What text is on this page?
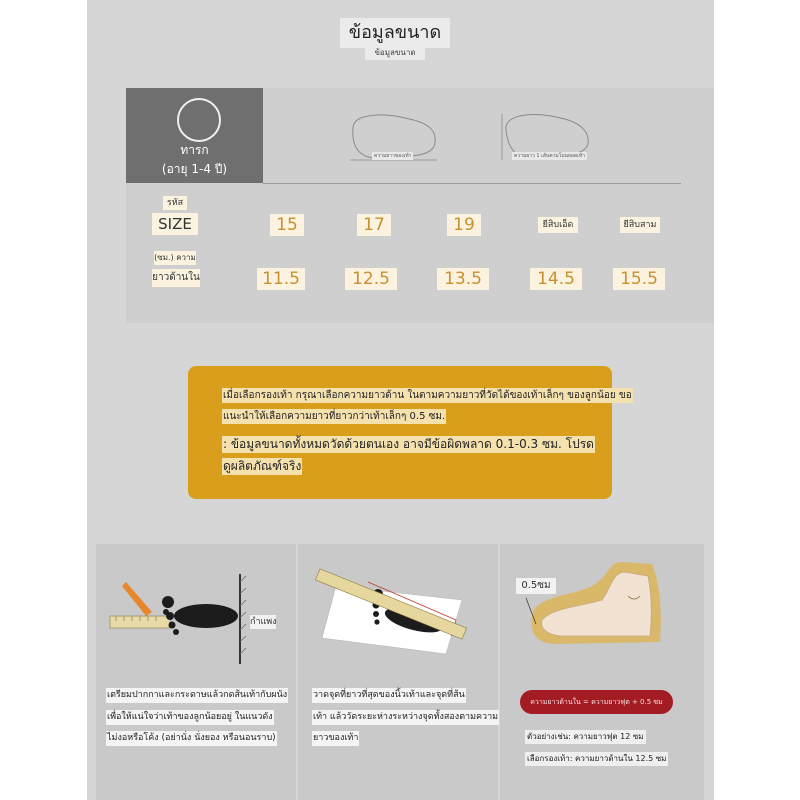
ข้อมูลขนาด
ข้อมูลขนาด
ทารก
(อายุ 1-4 ปี)
ความยาวของเท้า	ความยาว 1 เส้นตามโบนยอดเท้า
รหัส
SIZE	15	17	19	ยีสิบเอ็ด	ยีสิบสาม
(ซม.) ความ
ยาวด้านใน	11.5	12.5	13.5	14.5	15.5
เมื่อเลือกรองเท้า กรุณาเลือกความยาวด้าน ในตามความยาวที่วัดได้ของเท้าเล็กๆ ของลูกน้อย ขอ
แนะนำให้เลือกความยาวที่ยาวกว่าเท้าเล็กๆ 0.5 ซม.
: ข้อมูลขนาดทั้งหมดวัดด้วยตนเอง อาจมีข้อผิดพลาด 0.1-0.3 ซม. โปรด
ดูผลิตภัณฑ์จริง
กำแพง
เตรียมปากกาและกระดาษแล้วกดส้นเท้ากับผนัง
เพื่อให้แน่ใจว่าเท้าของลูกน้อยอยู่ ในแนวดัง
ไม่งอหรือโค้ง (อย่านั่ง นั่งยอง หรือนอนราบ)
วาดจุดที่ยาวที่สุดของนิ้วเท้าและจุดที่ส้น
เท้า แล้ววัดระยะห่างระหว่างจุดทั้งสองตามความ
ยาวของเท้า
0.5ซม
ความยาวด้านใน = ความยาวฟุต + 0.5 ซม
ตัวอย่างเช่น: ความยาวฟุต 12 ซม
เลือกรองเท้า: ความยาวด้านใน 12.5 ซม
